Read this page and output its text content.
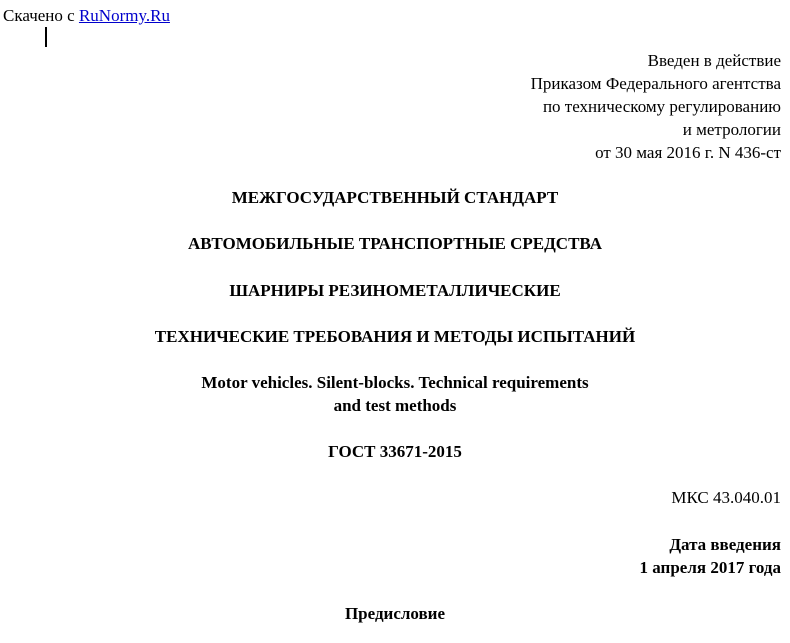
Скачено с RuNormy.Ru
Введен в действие
Приказом Федерального агентства
по техническому регулированию
и метрологии
от 30 мая 2016 г. N 436-ст
МЕЖГОСУДАРСТВЕННЫЙ СТАНДАРТ
АВТОМОБИЛЬНЫЕ ТРАНСПОРТНЫЕ СРЕДСТВА
ШАРНИРЫ РЕЗИНОМЕТАЛЛИЧЕСКИЕ
ТЕХНИЧЕСКИЕ ТРЕБОВАНИЯ И МЕТОДЫ ИСПЫТАНИЙ
Motor vehicles. Silent-blocks. Technical requirements
and test methods
ГОСТ 33671-2015
МКС 43.040.01
Дата введения
1 апреля 2017 года
Предисловие
